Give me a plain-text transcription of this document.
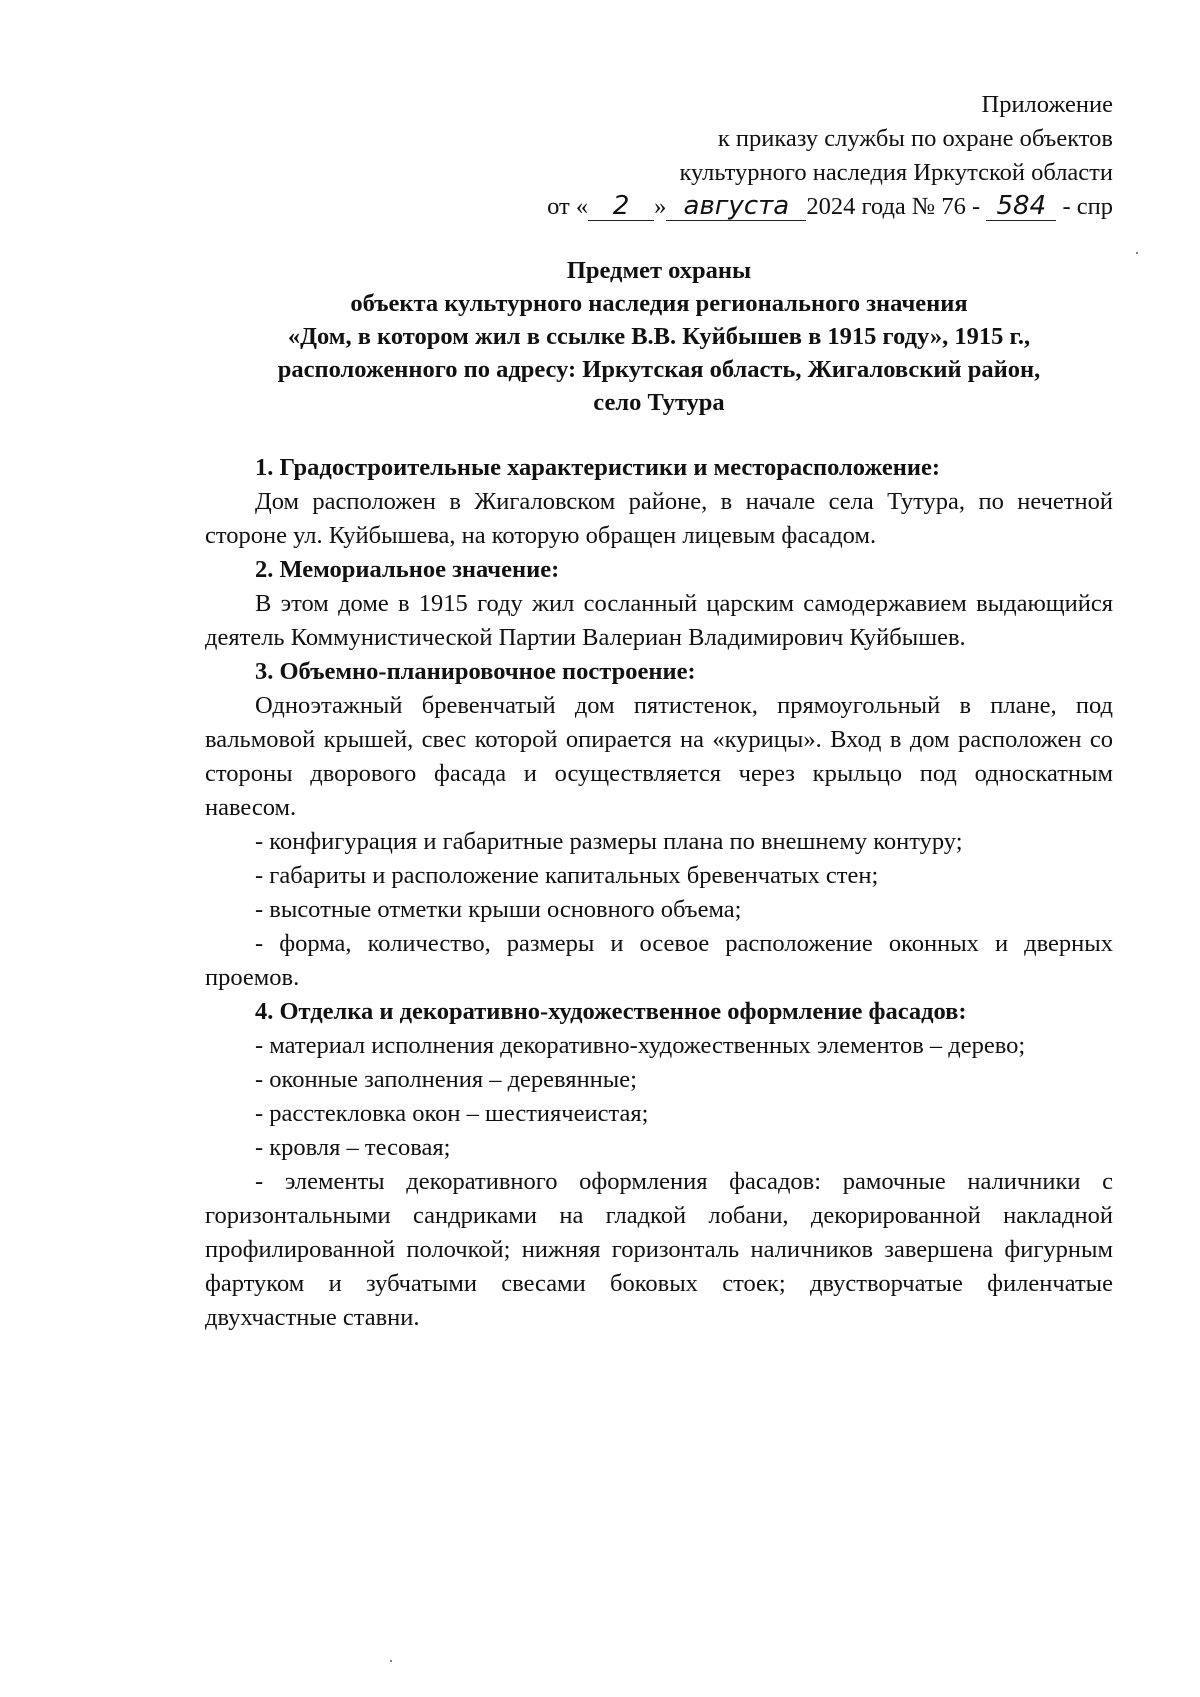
Приложение
к приказу службы по охране объектов
культурного наследия Иркутской области
от « 2 » августа 2024 года № 76 - 584 - спр
Предмет охраны
объекта культурного наследия регионального значения
«Дом, в котором жил в ссылке В.В. Куйбышев в 1915 году», 1915 г.,
расположенного по адресу: Иркутская область, Жигаловский район,
село Тутура

1. Градостроительные характеристики и месторасположение:

Дом расположен в Жигаловском районе, в начале села Тутура, по нечетной стороне ул. Куйбышева, на которую обращен лицевым фасадом.

2. Мемориальное значение:

В этом доме в 1915 году жил сосланный царским самодержавием выдающийся деятель Коммунистической Партии Валериан Владимирович Куйбышев.

3. Объемно-планировочное построение:

Одноэтажный бревенчатый дом пятистенок, прямоугольный в плане, под вальмовой крышей, свес которой опирается на «курицы». Вход в дом расположен со стороны дворового фасада и осуществляется через крыльцо под односкатным навесом.

- конфигурация и габаритные размеры плана по внешнему контуру;

- габариты и расположение капитальных бревенчатых стен;

- высотные отметки крыши основного объема;

- форма, количество, размеры и осевое расположение оконных и дверных проемов.

4. Отделка и декоративно-художественное оформление фасадов:

- материал исполнения декоративно-художественных элементов – дерево;

- оконные заполнения – деревянные;

- расстекловка окон – шестиячеистая;

- кровля – тесовая;

- элементы декоративного оформления фасадов: рамочные наличники с горизонтальными сандриками на гладкой лобани, декорированной накладной профилированной полочкой; нижняя горизонталь наличников завершена фигурным фартуком и зубчатыми свесами боковых стоек; двустворчатые филенчатые двухчастные ставни.
